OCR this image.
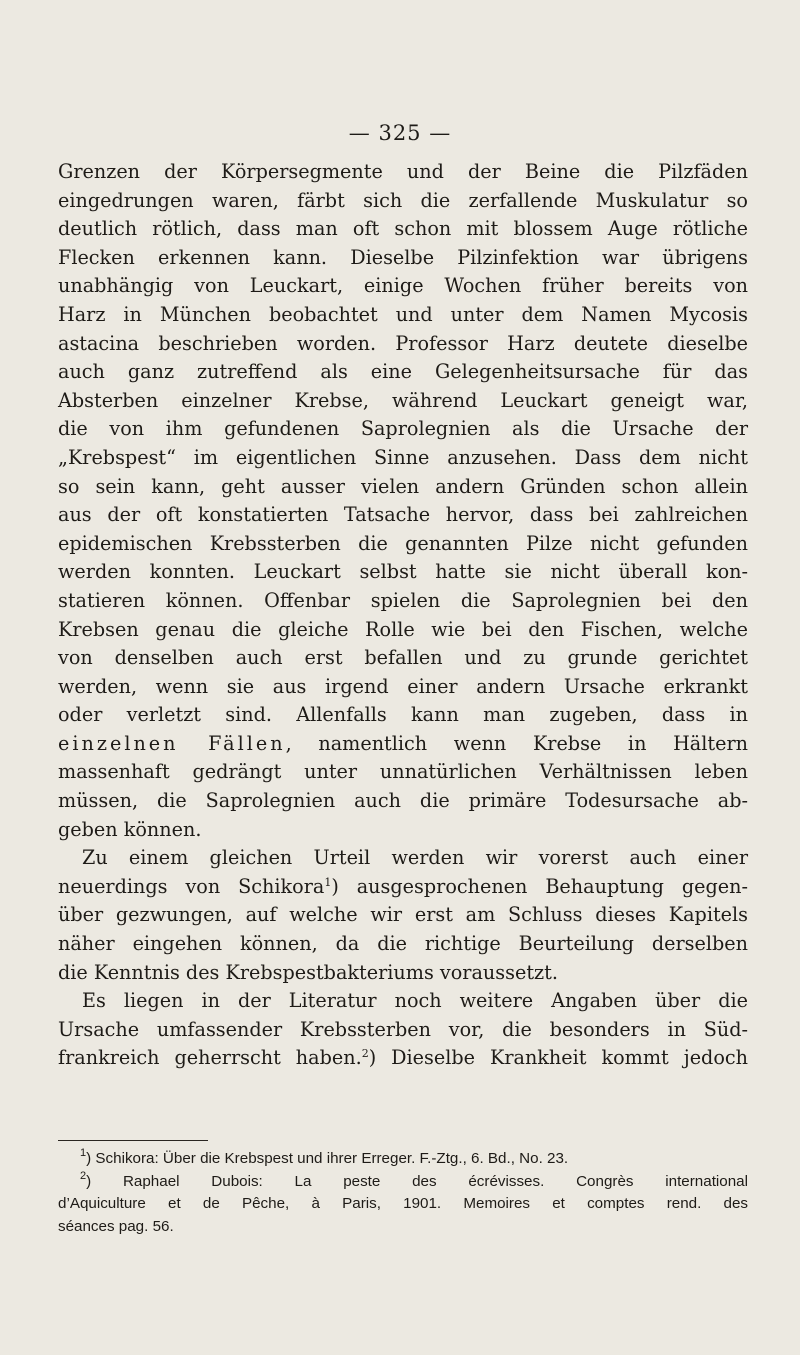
— 325 —
Grenzen der Körpersegmente und der Beine die Pilzfäden
eingedrungen waren, färbt sich die zerfallende Muskulatur so
deutlich rötlich, dass man oft schon mit blossem Auge rötliche
Flecken erkennen kann. Dieselbe Pilzinfektion war übrigens
unabhängig von Leuckart, einige Wochen früher bereits von
Harz in München beobachtet und unter dem Namen Mycosis
astacina beschrieben worden. Professor Harz deutete dieselbe
auch ganz zutreffend als eine Gelegenheitsursache für das
Absterben einzelner Krebse, während Leuckart geneigt war,
die von ihm gefundenen Saprolegnien als die Ursache der
„Krebspest“ im eigentlichen Sinne anzusehen. Dass dem nicht
so sein kann, geht ausser vielen andern Gründen schon allein
aus der oft konstatierten Tatsache hervor, dass bei zahlreichen
epidemischen Krebssterben die genannten Pilze nicht gefunden
werden konnten. Leuckart selbst hatte sie nicht überall kon-
statieren können. Offenbar spielen die Saprolegnien bei den
Krebsen genau die gleiche Rolle wie bei den Fischen, welche
von denselben auch erst befallen und zu grunde gerichtet
werden, wenn sie aus irgend einer andern Ursache erkrankt
oder verletzt sind. Allenfalls kann man zugeben, dass in
einzelnen Fällen, namentlich wenn Krebse in Hältern
massenhaft gedrängt unter unnatürlichen Verhältnissen leben
müssen, die Saprolegnien auch die primäre Todesursache ab-
geben können.
Zu einem gleichen Urteil werden wir vorerst auch einer
neuerdings von Schikora$^1$) ausgesprochenen Behauptung gegen-
über gezwungen, auf welche wir erst am Schluss dieses Kapitels
näher eingehen können, da die richtige Beurteilung derselben
die Kenntnis des Krebspestbakteriums voraussetzt.
Es liegen in der Literatur noch weitere Angaben über die
Ursache umfassender Krebssterben vor, die besonders in Süd-
frankreich geherrscht haben.$^2$) Dieselbe Krankheit kommt jedoch
$^1$) Schikora: Über die Krebspest und ihrer Erreger. F.-Ztg., 6. Bd., No. 23.
$^2$) Raphael Dubois: La peste des écrévisses. Congrès international
d’Aquiculture et de Pêche, à Paris, 1901. Memoires et comptes rend. des
séances pag. 56.
